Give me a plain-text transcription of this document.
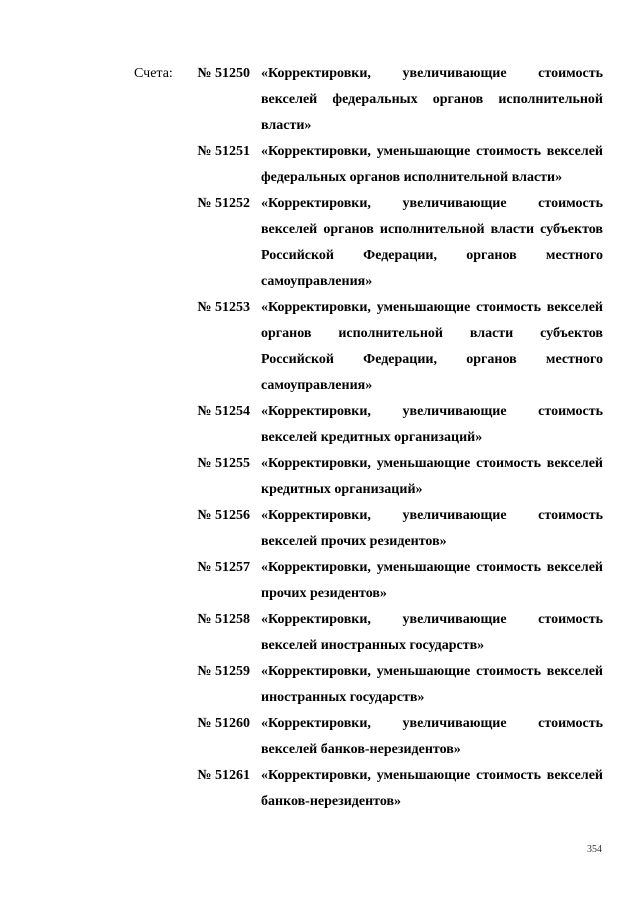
Счета: № 51250 «Корректировки, увеличивающие стоимость векселей федеральных органов исполнительной власти»
№ 51251 «Корректировки, уменьшающие стоимость векселей федеральных органов исполнительной власти»
№ 51252 «Корректировки, увеличивающие стоимость векселей органов исполнительной власти субъектов Российской Федерации, органов местного самоуправления»
№ 51253 «Корректировки, уменьшающие стоимость векселей органов исполнительной власти субъектов Российской Федерации, органов местного самоуправления»
№ 51254 «Корректировки, увеличивающие стоимость векселей кредитных организаций»
№ 51255 «Корректировки, уменьшающие стоимость векселей кредитных организаций»
№ 51256 «Корректировки, увеличивающие стоимость векселей прочих резидентов»
№ 51257 «Корректировки, уменьшающие стоимость векселей прочих резидентов»
№ 51258 «Корректировки, увеличивающие стоимость векселей иностранных государств»
№ 51259 «Корректировки, уменьшающие стоимость векселей иностранных государств»
№ 51260 «Корректировки, увеличивающие стоимость векселей банков-нерезидентов»
№ 51261 «Корректировки, уменьшающие стоимость векселей банков-нерезидентов»
354
